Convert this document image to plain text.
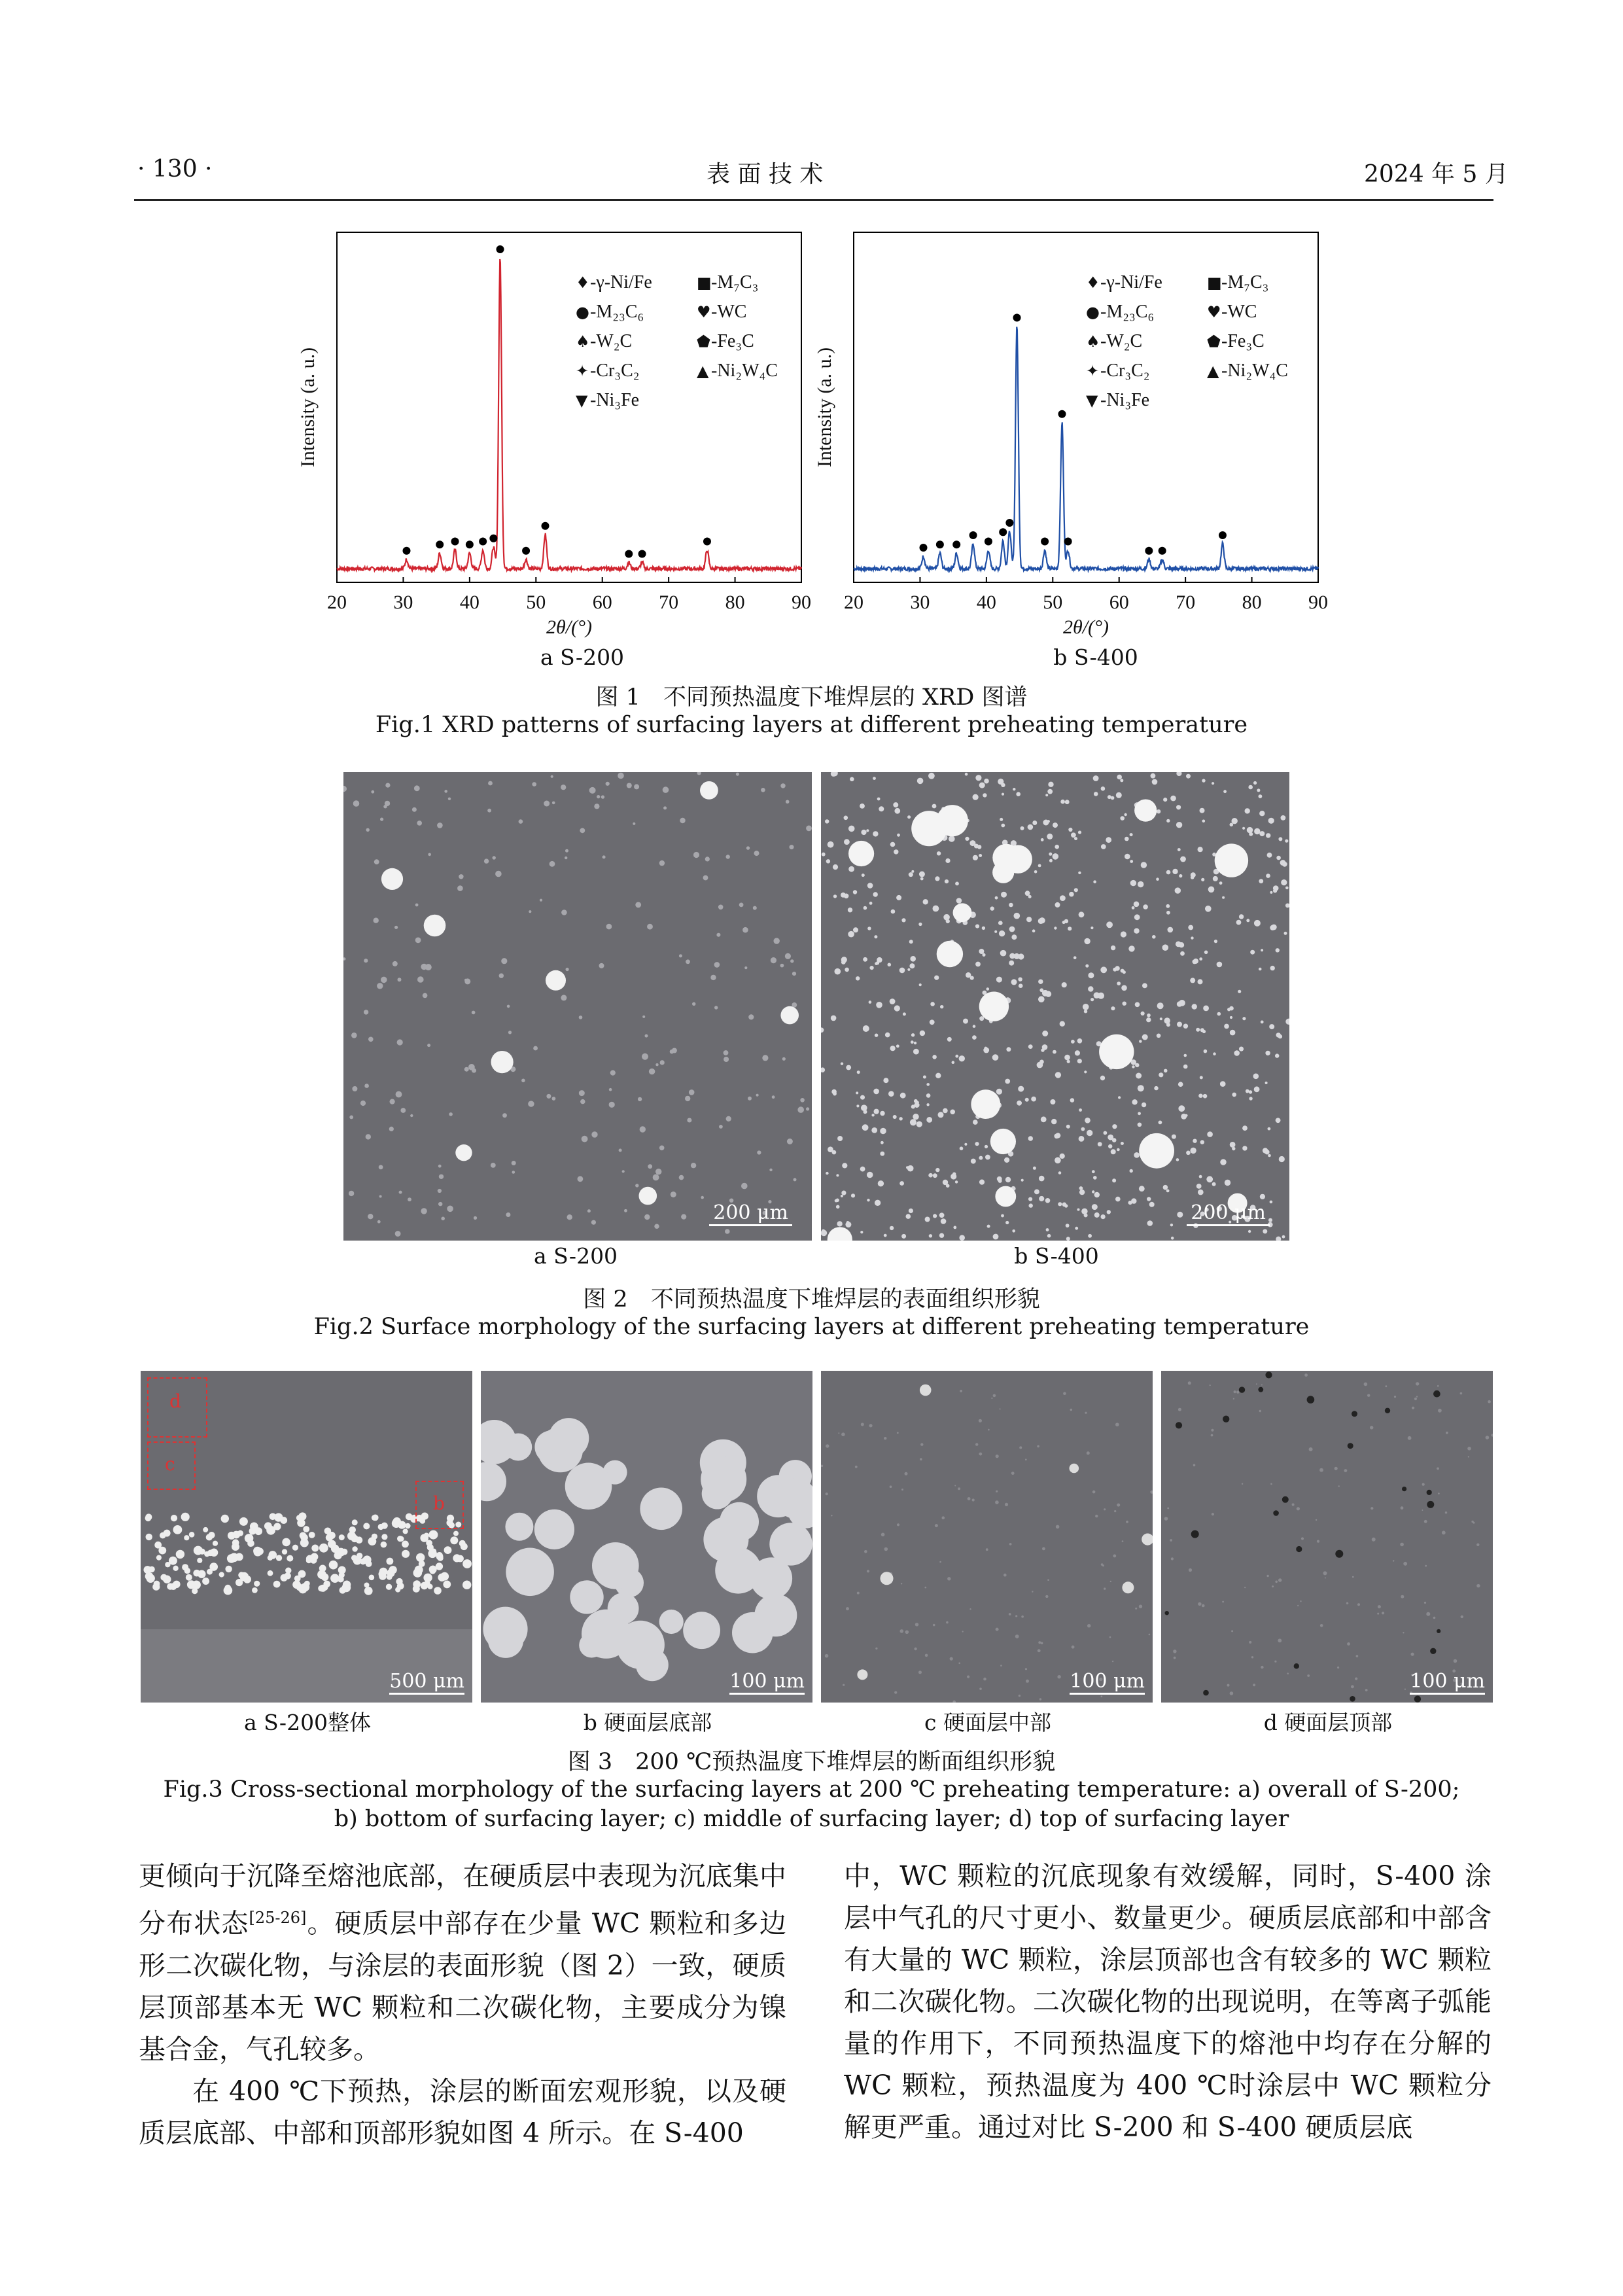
· 130 ·	表 面 技 术	2024 年 5 月
20 30 40 50 60 70 80 90
2θ/(°)
Intensity (a. u.)
♦ -γ-Ni/Fe	■ -M₇C₃
● -M₂₃C₆	♥ -WC
♠ -W₂C	⬟ -Fe₃C
✦ -Cr₃C₂	▲ -Ni₂W₄C
▼ -Ni₃Fe
20 30 40 50 60 70 80 90
2θ/(°)
Intensity (a. u.)
♦ -γ-Ni/Fe	■ -M₇C₃
● -M₂₃C₆	♥ -WC
♠ -W₂C	⬟ -Fe₃C
✦ -Cr₃C₂	▲ -Ni₂W₄C
▼ -Ni₃Fe
a S-200	b S-400
图 1　不同预热温度下堆焊层的 XRD 图谱
Fig.1 XRD patterns of surfacing layers at different preheating temperature
200 μm	200 μm
a S-200	b S-400
图 2　不同预热温度下堆焊层的表面组织形貌
Fig.2 Surface morphology of the surfacing layers at different preheating temperature
d
c
b
500 μm	100 μm	100 μm	100 μm
a S-200整体	b 硬面层底部	c 硬面层中部	d 硬面层顶部
图 3　200 ℃预热温度下堆焊层的断面组织形貌
Fig.3 Cross-sectional morphology of the surfacing layers at 200 ℃ preheating temperature: a) overall of S-200;
b) bottom of surfacing layer; c) middle of surfacing layer; d) top of surfacing layer
更倾向于沉降至熔池底部，在硬质层中表现为沉底集中分布状态[25-26]。硬质层中部存在少量 WC 颗粒和多边形二次碳化物，与涂层的表面形貌（图 2）一致，硬质层顶部基本无 WC 颗粒和二次碳化物，主要成分为镍基合金，气孔较多。
在 400 ℃下预热，涂层的断面宏观形貌，以及硬质层底部、中部和顶部形貌如图 4 所示。在 S-400
中，WC 颗粒的沉底现象有效缓解，同时，S-400 涂层中气孔的尺寸更小、数量更少。硬质层底部和中部含有大量的 WC 颗粒，涂层顶部也含有较多的 WC 颗粒和二次碳化物。二次碳化物的出现说明，在等离子弧能量的作用下，不同预热温度下的熔池中均存在分解的 WC 颗粒，预热温度为 400 ℃时涂层中 WC 颗粒分解更严重。通过对比 S-200 和 S-400 硬质层底
